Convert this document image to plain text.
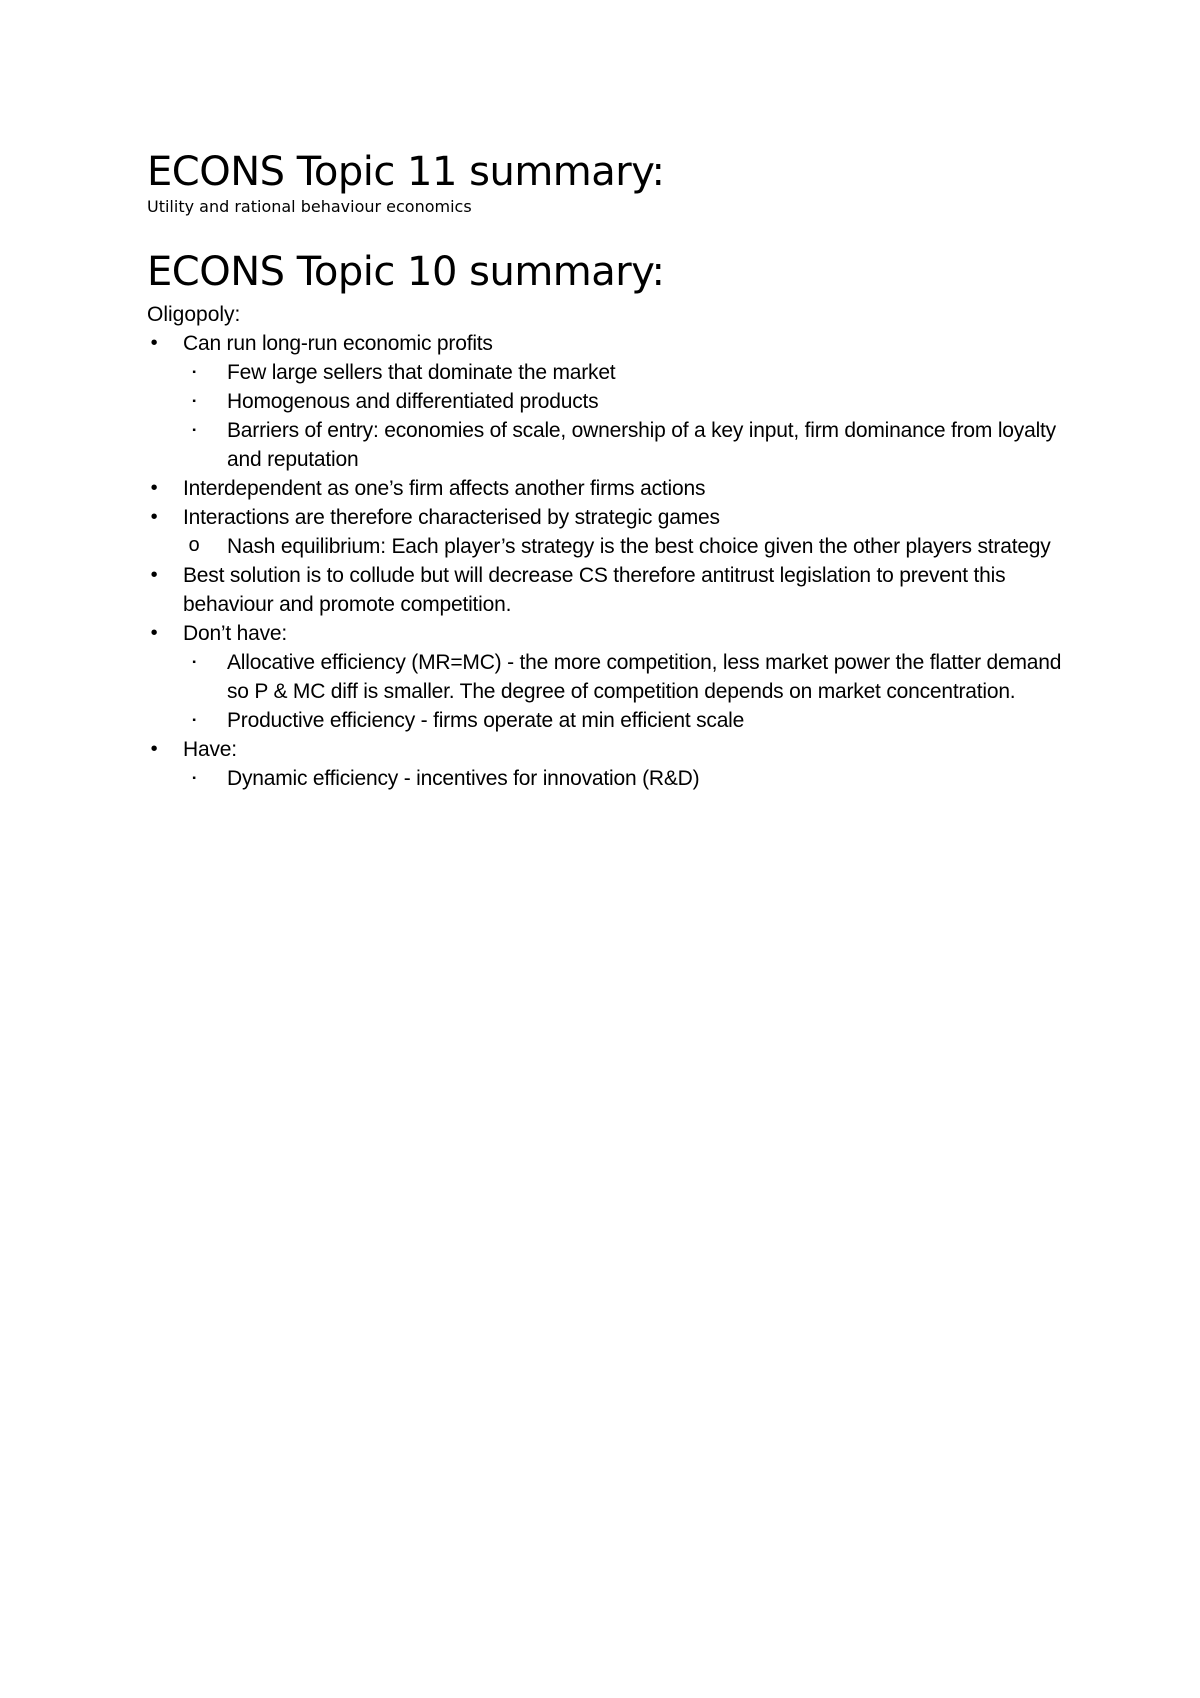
ECONS Topic 11 summary:
Utility and rational behaviour economics
ECONS Topic 10 summary:
Oligopoly:
• Can run long-run economic profits
▪ Few large sellers that dominate the market
▪ Homogenous and differentiated products
▪ Barriers of entry: economies of scale, ownership of a key input, firm dominance from loyalty and reputation
• Interdependent as one’s firm affects another firms actions
• Interactions are therefore characterised by strategic games
o Nash equilibrium: Each player’s strategy is the best choice given the other players strategy
• Best solution is to collude but will decrease CS therefore antitrust legislation to prevent this behaviour and promote competition.
• Don’t have:
▪ Allocative efficiency (MR=MC) - the more competition, less market power the flatter demand so P & MC diff is smaller. The degree of competition depends on market concentration.
▪ Productive efficiency - firms operate at min efficient scale
• Have:
▪ Dynamic efficiency - incentives for innovation (R&D)
